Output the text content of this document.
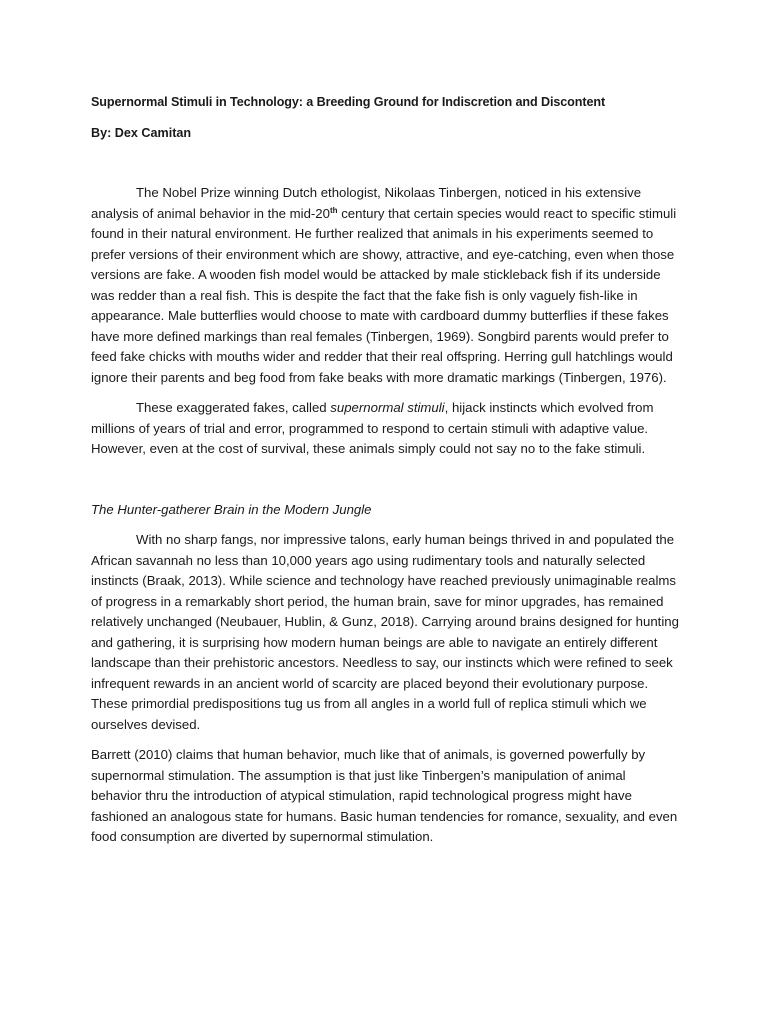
Supernormal Stimuli in Technology: a Breeding Ground for Indiscretion and Discontent
By: Dex Camitan

The Nobel Prize winning Dutch ethologist, Nikolaas Tinbergen, noticed in his extensive analysis of animal behavior in the mid-20th century that certain species would react to specific stimuli found in their natural environment. He further realized that animals in his experiments seemed to prefer versions of their environment which are showy, attractive, and eye-catching, even when those versions are fake. A wooden fish model would be attacked by male stickleback fish if its underside was redder than a real fish. This is despite the fact that the fake fish is only vaguely fish-like in appearance. Male butterflies would choose to mate with cardboard dummy butterflies if these fakes have more defined markings than real females (Tinbergen, 1969). Songbird parents would prefer to feed fake chicks with mouths wider and redder that their real offspring. Herring gull hatchlings would ignore their parents and beg food from fake beaks with more dramatic markings (Tinbergen, 1976).

These exaggerated fakes, called supernormal stimuli, hijack instincts which evolved from millions of years of trial and error, programmed to respond to certain stimuli with adaptive value. However, even at the cost of survival, these animals simply could not say no to the fake stimuli.

The Hunter-gatherer Brain in the Modern Jungle

With no sharp fangs, nor impressive talons, early human beings thrived in and populated the African savannah no less than 10,000 years ago using rudimentary tools and naturally selected instincts (Braak, 2013). While science and technology have reached previously unimaginable realms of progress in a remarkably short period, the human brain, save for minor upgrades, has remained relatively unchanged (Neubauer, Hublin, & Gunz, 2018). Carrying around brains designed for hunting and gathering, it is surprising how modern human beings are able to navigate an entirely different landscape than their prehistoric ancestors. Needless to say, our instincts which were refined to seek infrequent rewards in an ancient world of scarcity are placed beyond their evolutionary purpose. These primordial predispositions tug us from all angles in a world full of replica stimuli which we ourselves devised.

Barrett (2010) claims that human behavior, much like that of animals, is governed powerfully by supernormal stimulation. The assumption is that just like Tinbergen’s manipulation of animal behavior thru the introduction of atypical stimulation, rapid technological progress might have fashioned an analogous state for humans. Basic human tendencies for romance, sexuality, and even food consumption are diverted by supernormal stimulation.
